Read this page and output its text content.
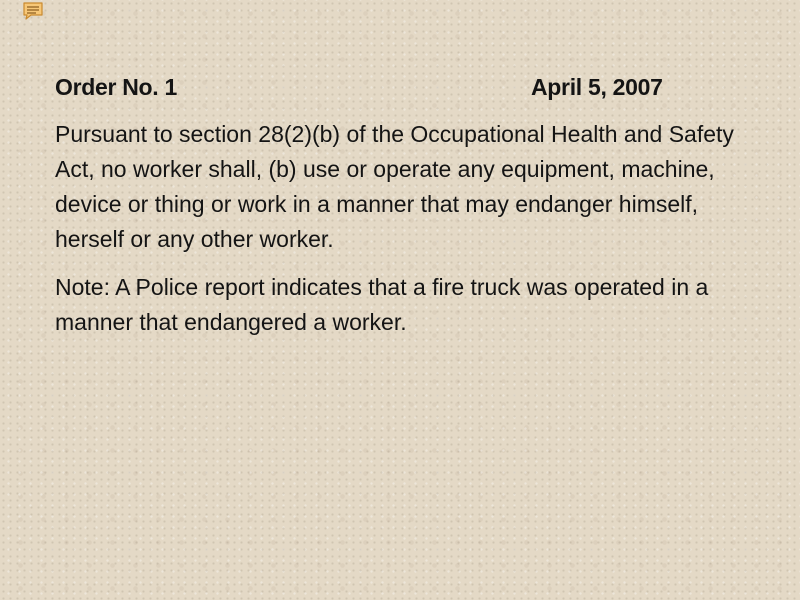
Order No. 1	April 5, 2007

Pursuant to section 28(2)(b) of the Occupational Health and Safety Act, no worker shall, (b) use or operate any equipment, machine, device or thing or work in a manner that may endanger himself, herself or any other worker.

Note: A Police report indicates that a fire truck was operated in a manner that endangered a worker.
